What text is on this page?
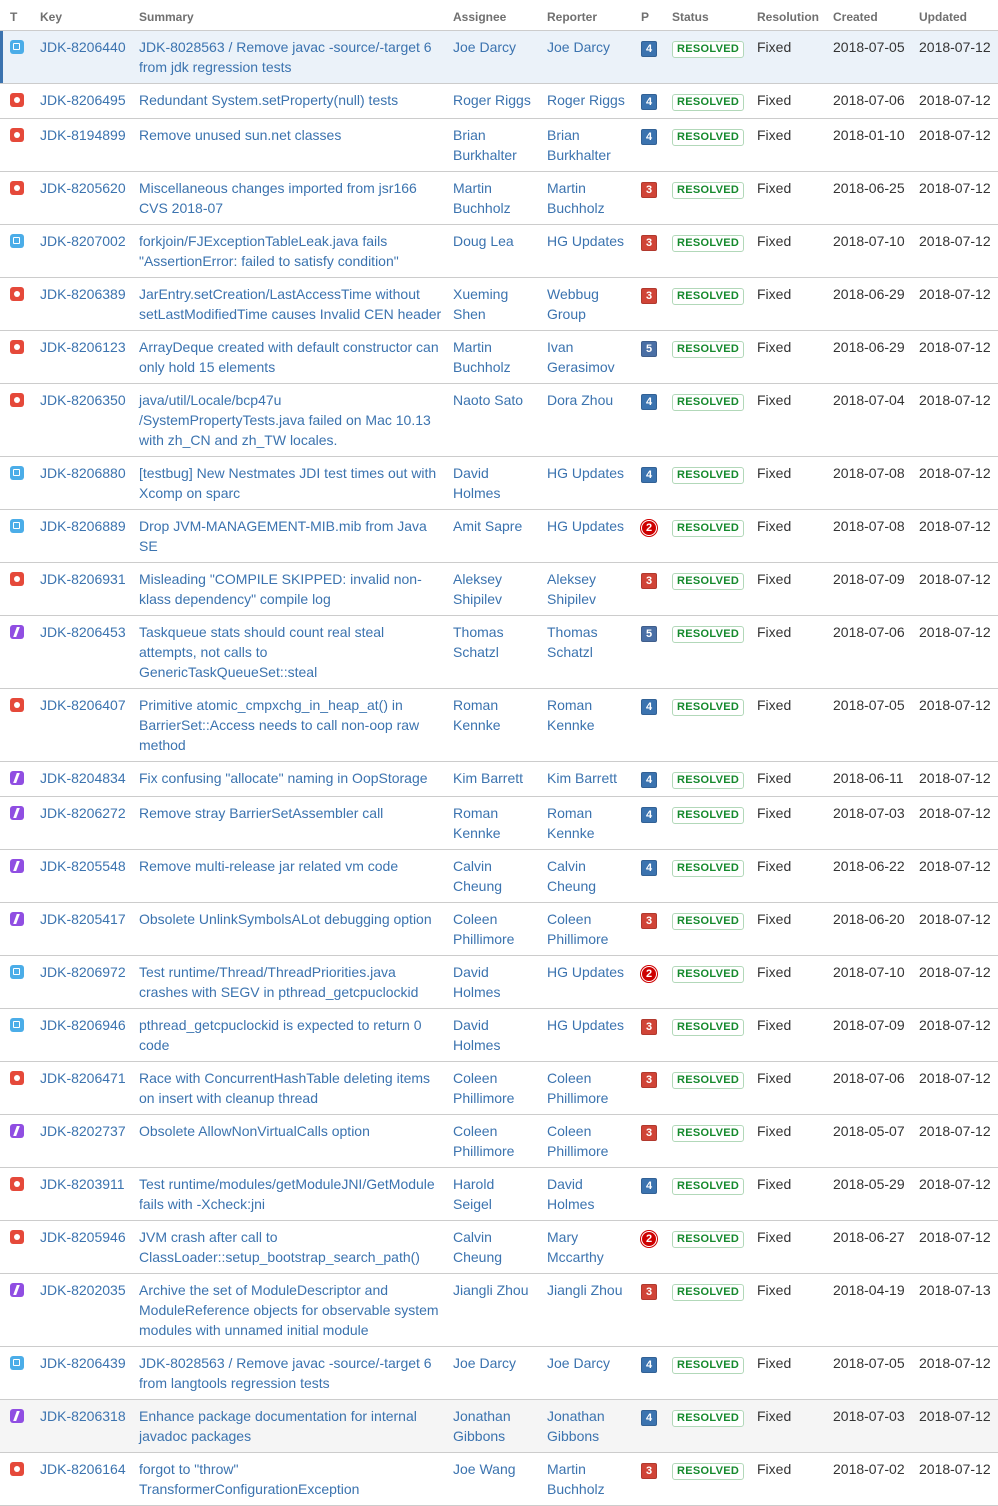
T	Key	Summary	Assignee	Reporter	P	Status	Resolution	Created	Updated
	JDK-8206440	JDK-8028563 / Remove javac -source/-target 6 from jdk regression tests	Joe Darcy	Joe Darcy	4	RESOLVED	Fixed	2018-07-05	2018-07-12
	JDK-8206495	Redundant System.setProperty(null) tests	Roger Riggs	Roger Riggs	4	RESOLVED	Fixed	2018-07-06	2018-07-12
	JDK-8194899	Remove unused sun.net classes	Brian Burkhalter	Brian Burkhalter	4	RESOLVED	Fixed	2018-01-10	2018-07-12
	JDK-8205620	Miscellaneous changes imported from jsr166 CVS 2018-07	Martin Buchholz	Martin Buchholz	3	RESOLVED	Fixed	2018-06-25	2018-07-12
	JDK-8207002	forkjoin/FJExceptionTableLeak.java fails "AssertionError: failed to satisfy condition"	Doug Lea	HG Updates	3	RESOLVED	Fixed	2018-07-10	2018-07-12
	JDK-8206389	JarEntry.setCreation/LastAccessTime without setLastModifiedTime causes Invalid CEN header	Xueming Shen	Webbug Group	3	RESOLVED	Fixed	2018-06-29	2018-07-12
	JDK-8206123	ArrayDeque created with default constructor can only hold 15 elements	Martin Buchholz	Ivan Gerasimov	5	RESOLVED	Fixed	2018-06-29	2018-07-12
	JDK-8206350	java/util/Locale/bcp47u /SystemPropertyTests.java failed on Mac 10.13 with zh_CN and zh_TW locales.	Naoto Sato	Dora Zhou	4	RESOLVED	Fixed	2018-07-04	2018-07-12
	JDK-8206880	[testbug] New Nestmates JDI test times out with Xcomp on sparc	David Holmes	HG Updates	4	RESOLVED	Fixed	2018-07-08	2018-07-12
	JDK-8206889	Drop JVM-MANAGEMENT-MIB.mib from Java SE	Amit Sapre	HG Updates	2	RESOLVED	Fixed	2018-07-08	2018-07-12
	JDK-8206931	Misleading "COMPILE SKIPPED: invalid non-klass dependency" compile log	Aleksey Shipilev	Aleksey Shipilev	3	RESOLVED	Fixed	2018-07-09	2018-07-12
	JDK-8206453	Taskqueue stats should count real steal attempts, not calls to GenericTaskQueueSet::steal	Thomas Schatzl	Thomas Schatzl	5	RESOLVED	Fixed	2018-07-06	2018-07-12
	JDK-8206407	Primitive atomic_cmpxchg_in_heap_at() in BarrierSet::Access needs to call non-oop raw method	Roman Kennke	Roman Kennke	4	RESOLVED	Fixed	2018-07-05	2018-07-12
	JDK-8204834	Fix confusing "allocate" naming in OopStorage	Kim Barrett	Kim Barrett	4	RESOLVED	Fixed	2018-06-11	2018-07-12
	JDK-8206272	Remove stray BarrierSetAssembler call	Roman Kennke	Roman Kennke	4	RESOLVED	Fixed	2018-07-03	2018-07-12
	JDK-8205548	Remove multi-release jar related vm code	Calvin Cheung	Calvin Cheung	4	RESOLVED	Fixed	2018-06-22	2018-07-12
	JDK-8205417	Obsolete UnlinkSymbolsALot debugging option	Coleen Phillimore	Coleen Phillimore	3	RESOLVED	Fixed	2018-06-20	2018-07-12
	JDK-8206972	Test runtime/Thread/ThreadPriorities.java crashes with SEGV in pthread_getcpuclockid	David Holmes	HG Updates	2	RESOLVED	Fixed	2018-07-10	2018-07-12
	JDK-8206946	pthread_getcpuclockid is expected to return 0 code	David Holmes	HG Updates	3	RESOLVED	Fixed	2018-07-09	2018-07-12
	JDK-8206471	Race with ConcurrentHashTable deleting items on insert with cleanup thread	Coleen Phillimore	Coleen Phillimore	3	RESOLVED	Fixed	2018-07-06	2018-07-12
	JDK-8202737	Obsolete AllowNonVirtualCalls option	Coleen Phillimore	Coleen Phillimore	3	RESOLVED	Fixed	2018-05-07	2018-07-12
	JDK-8203911	Test runtime/modules/getModuleJNI/GetModule fails with -Xcheck:jni	Harold Seigel	David Holmes	4	RESOLVED	Fixed	2018-05-29	2018-07-12
	JDK-8205946	JVM crash after call to ClassLoader::setup_bootstrap_search_path()	Calvin Cheung	Mary Mccarthy	2	RESOLVED	Fixed	2018-06-27	2018-07-12
	JDK-8202035	Archive the set of ModuleDescriptor and ModuleReference objects for observable system modules with unnamed initial module	Jiangli Zhou	Jiangli Zhou	3	RESOLVED	Fixed	2018-04-19	2018-07-13
	JDK-8206439	JDK-8028563 / Remove javac -source/-target 6 from langtools regression tests	Joe Darcy	Joe Darcy	4	RESOLVED	Fixed	2018-07-05	2018-07-12
	JDK-8206318	Enhance package documentation for internal javadoc packages	Jonathan Gibbons	Jonathan Gibbons	4	RESOLVED	Fixed	2018-07-03	2018-07-12
	JDK-8206164	forgot to "throw" TransformerConfigurationException	Joe Wang	Martin Buchholz	3	RESOLVED	Fixed	2018-07-02	2018-07-12
